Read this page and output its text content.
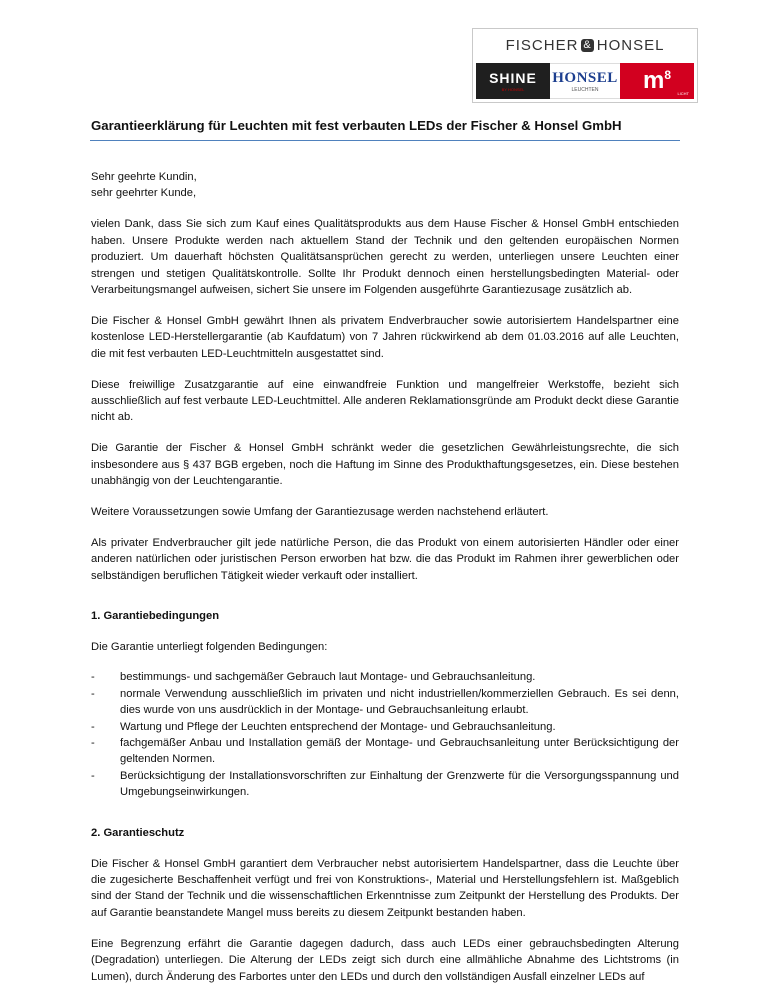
FISCHER & HONSEL
SHINE
BY HONSEL
HONSEL
LEUCHTEN $m^8$
LICHT
Garantieerklärung für Leuchten mit fest verbauten LEDs der Fischer & Honsel GmbH

Sehr geehrte Kundin,

sehr geehrter Kunde,

vielen Dank, dass Sie sich zum Kauf eines Qualitätsprodukts aus dem Hause Fischer & Honsel GmbH entschieden haben. Unsere Produkte werden nach aktuellem Stand der Technik und den geltenden europäischen Normen produziert. Um dauerhaft höchsten Qualitätsansprüchen gerecht zu werden, unterliegen unsere Leuchten einer strengen und stetigen Qualitätskontrolle. Sollte Ihr Produkt dennoch einen herstellungsbedingten Material- oder Verarbeitungsmangel aufweisen, sichert Sie unsere im Folgenden ausgeführte Garantiezusage zusätzlich ab.

Die Fischer & Honsel GmbH gewährt Ihnen als privatem Endverbraucher sowie autorisiertem Handelspartner eine kostenlose LED-Herstellergarantie (ab Kaufdatum) von 7 Jahren rückwirkend ab dem 01.03.2016 auf alle Leuchten, die mit fest verbauten LED-Leuchtmitteln ausgestattet sind.

Diese freiwillige Zusatzgarantie auf eine einwandfreie Funktion und mangelfreier Werkstoffe, bezieht sich ausschließlich auf fest verbaute LED-Leuchtmittel. Alle anderen Reklamationsgründe am Produkt deckt diese Garantie nicht ab.

Die Garantie der Fischer & Honsel GmbH schränkt weder die gesetzlichen Gewährleistungsrechte, die sich insbesondere aus § 437 BGB ergeben, noch die Haftung im Sinne des Produkthaftungsgesetzes, ein. Diese bestehen unabhängig von der Leuchtengarantie.

Weitere Voraussetzungen sowie Umfang der Garantiezusage werden nachstehend erläutert.

Als privater Endverbraucher gilt jede natürliche Person, die das Produkt von einem autorisierten Händler oder einer anderen natürlichen oder juristischen Person erworben hat bzw. die das Produkt im Rahmen ihrer gewerblichen oder selbständigen beruflichen Tätigkeit wieder verkauft oder installiert.

1. Garantiebedingungen

Die Garantie unterliegt folgenden Bedingungen:

- bestimmungs- und sachgemäßer Gebrauch laut Montage- und Gebrauchsanleitung.
- normale Verwendung ausschließlich im privaten und nicht industriellen/kommerziellen Gebrauch. Es sei denn, dies wurde von uns ausdrücklich in der Montage- und Gebrauchsanleitung erlaubt.
- Wartung und Pflege der Leuchten entsprechend der Montage- und Gebrauchsanleitung.
- fachgemäßer Anbau und Installation gemäß der Montage- und Gebrauchsanleitung unter Berücksichtigung der geltenden Normen.
- Berücksichtigung der Installationsvorschriften zur Einhaltung der Grenzwerte für die Versorgungsspannung und Umgebungseinwirkungen.

2. Garantieschutz

Die Fischer & Honsel GmbH garantiert dem Verbraucher nebst autorisiertem Handelspartner, dass die Leuchte über die zugesicherte Beschaffenheit verfügt und frei von Konstruktions-, Material und Herstellungsfehlern ist. Maßgeblich sind der Stand der Technik und die wissenschaftlichen Erkenntnisse zum Zeitpunkt der Herstellung des Produkts. Der auf Garantie beanstandete Mangel muss bereits zu diesem Zeitpunkt bestanden haben.

Eine Begrenzung erfährt die Garantie dagegen dadurch, dass auch LEDs einer gebrauchsbedingten Alterung (Degradation) unterliegen. Die Alterung der LEDs zeigt sich durch eine allmähliche Abnahme des Lichtstroms (in Lumen), durch Änderung des Farbortes unter den LEDs und durch den vollständigen Ausfall einzelner LEDs auf
